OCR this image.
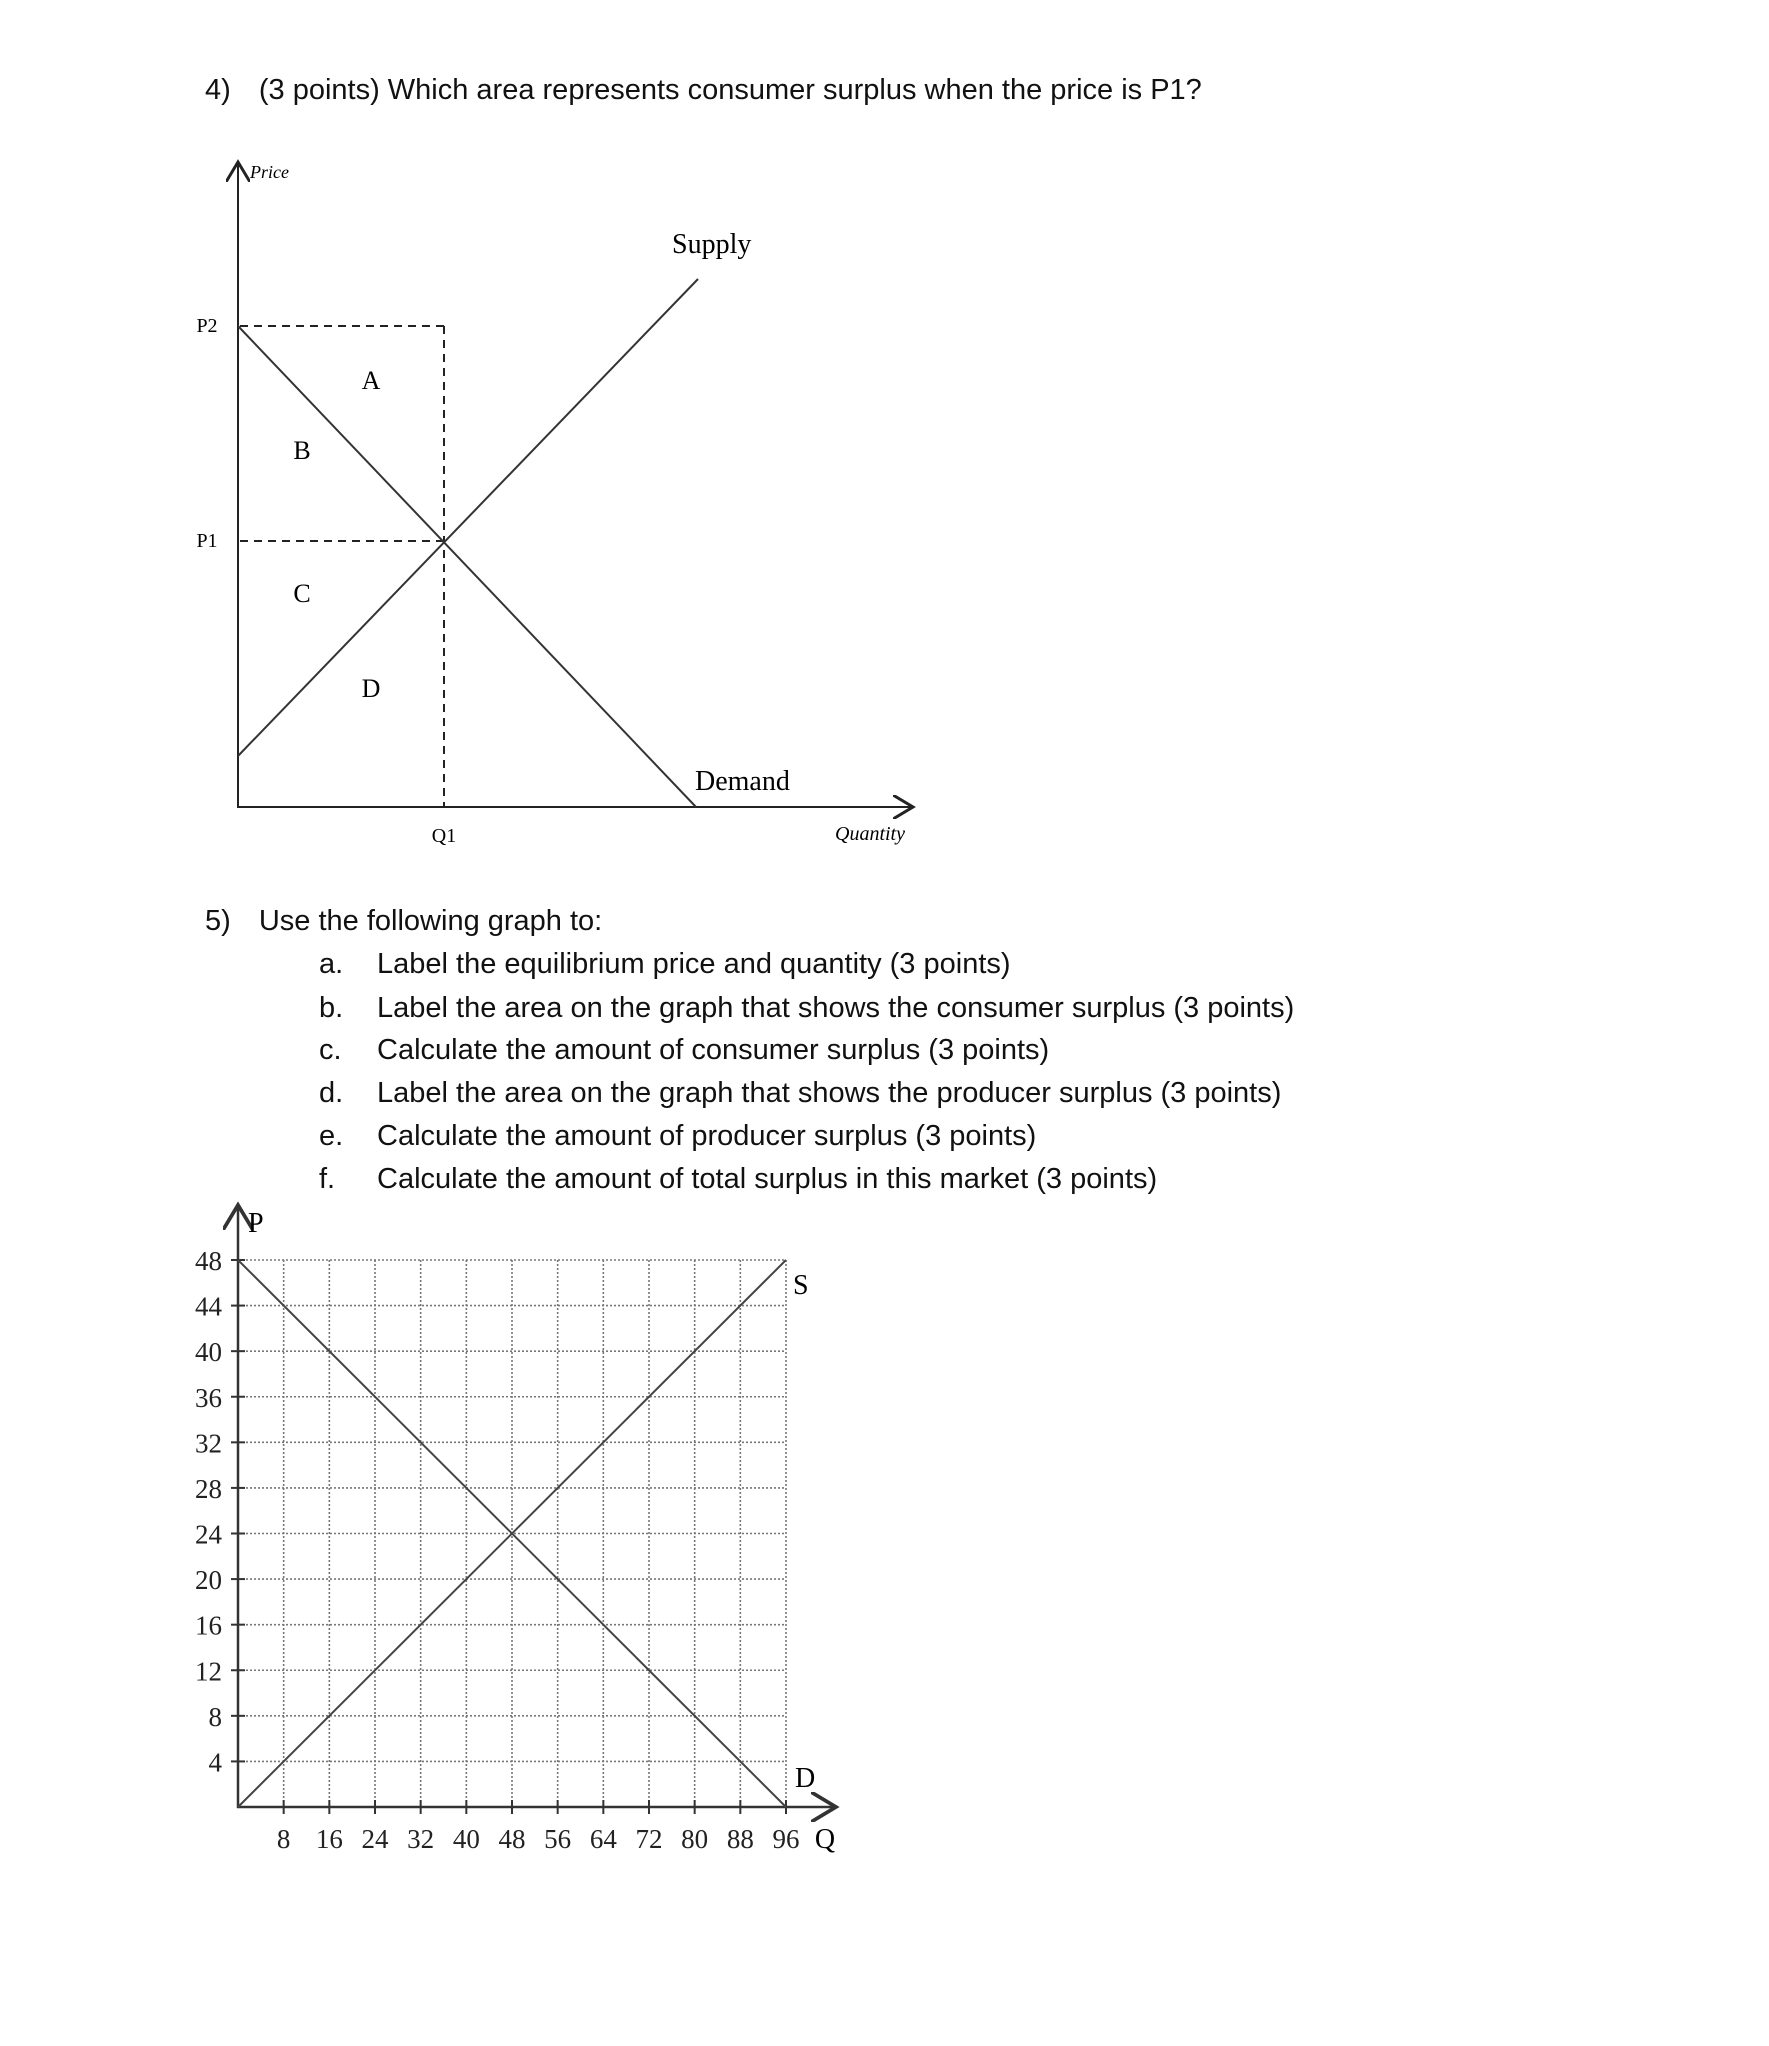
4) (3 points) Which area represents consumer surplus when the price is P1?
Price
Quantity
P2
P1
Q1
Supply
Demand
A
B
C
D
5) Use the following graph to:
a. Label the equilibrium price and quantity (3 points)
b. Label the area on the graph that shows the consumer surplus (3 points)
c. Calculate the amount of consumer surplus (3 points)
d. Label the area on the graph that shows the producer surplus (3 points)
e. Calculate the amount of producer surplus (3 points)
f. Calculate the amount of total surplus in this market (3 points)
8 16 24 32 40 48 56 64 72 80 88 96
4
8
12
16
20
24
28
32
36
40
44
48
P
Q
S
D
